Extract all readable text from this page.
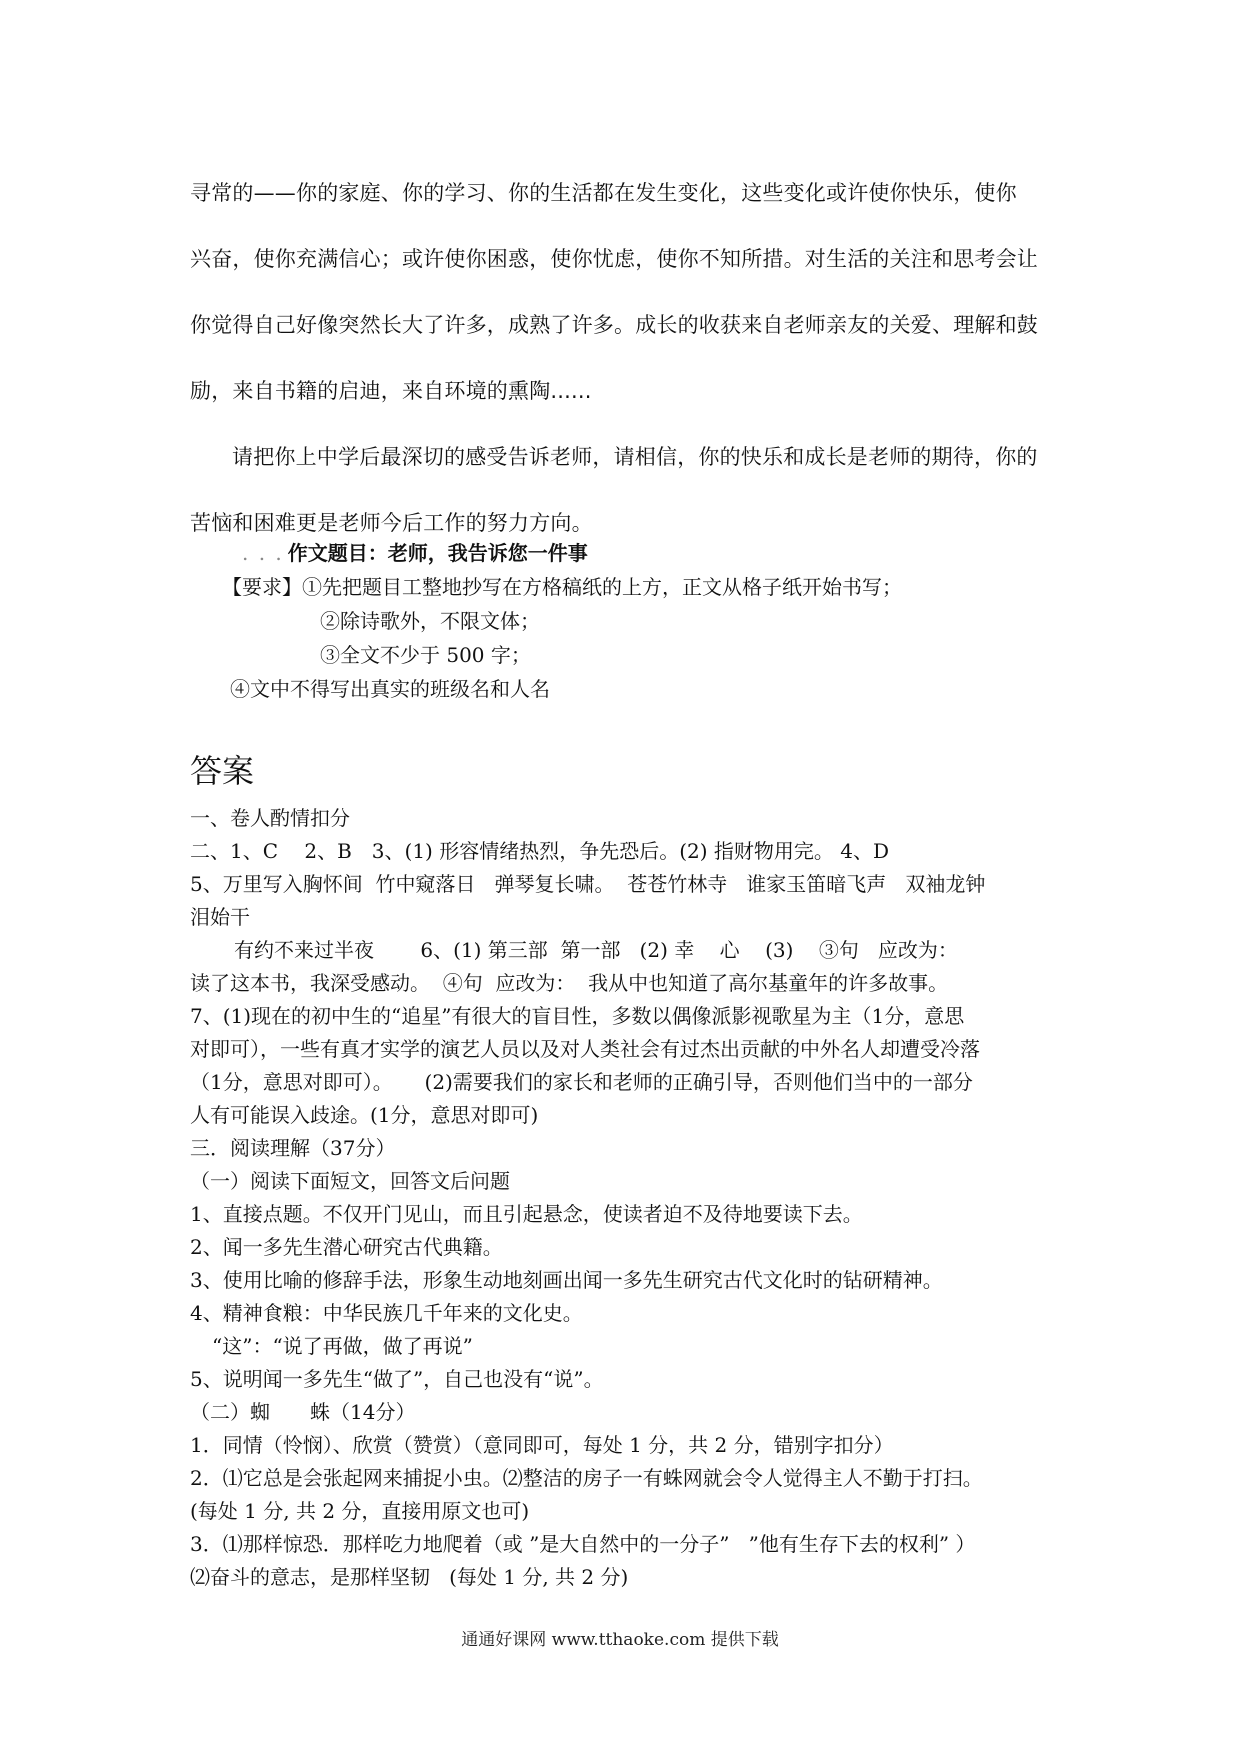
寻常的——你的家庭、你的学习、你的生活都在发生变化，这些变化或许使你快乐，使你

兴奋，使你充满信心；或许使你困惑，使你忧虑，使你不知所措。对生活的关注和思考会让

你觉得自己好像突然长大了许多，成熟了许多。成长的收获来自老师亲友的关爱、理解和鼓

励，来自书籍的启迪，来自环境的熏陶......

请把你上中学后最深切的感受告诉老师，请相信，你的快乐和成长是老师的期待，你的

苦恼和困难更是老师今后工作的努力方向。

. . . 作文题目：老师，我告诉您一件事
【要求】①先把题目工整地抄写在方格稿纸的上方，正文从格子纸开始书写；
②除诗歌外，不限文体；
③全文不少于 500 字；
④文中不得写出真实的班级名和人名
答案
一、卷人酌情扣分
二、1、C　 2、B　3、(1) 形容情绪热烈，争先恐后。(2) 指财物用完。 4、D
5、万里写入胸怀间  竹中窥落日   弹琴复长啸。  苍苍竹林寺   谁家玉笛暗飞声   双袖龙钟
泪始干
有约不来过半夜　　 6、(1) 第三部  第一部   (2) 幸    心    (3)    ③句   应改为：
读了这本书，我深受感动。  ④句  应改为：  我从中也知道了高尔基童年的许多故事。
7、(1)现在的初中生的“追星”有很大的盲目性，多数以偶像派影视歌星为主（1分，意思
对即可），一些有真才实学的演艺人员以及对人类社会有过杰出贡献的中外名人却遭受冷落
（1分，意思对即可）。     (2)需要我们的家长和老师的正确引导，否则他们当中的一部分
人有可能误入歧途。(1分，意思对即可)
三．阅读理解（37分）
（一）阅读下面短文，回答文后问题
1、直接点题。不仅开门见山，而且引起悬念，使读者迫不及待地要读下去。
2、闻一多先生潜心研究古代典籍。
3、使用比喻的修辞手法，形象生动地刻画出闻一多先生研究古代文化时的钻研精神。
4、精神食粮：中华民族几千年来的文化史。
“这”：“说了再做，做了再说”
5、说明闻一多先生“做了”，自己也没有“说”。
（二）蜘　　蛛（14分）
1．同情（怜悯）、欣赏（赞赏）（意同即可，每处 1 分，共 2 分，错别字扣分）
2．⑴它总是会张起网来捕捉小虫。⑵整洁的房子一有蛛网就会令人觉得主人不勤于打扫。
(每处 1 分, 共 2 分，直接用原文也可)
3．⑴那样惊恐．那样吃力地爬着（或 ”是大自然中的一分子”   ”他有生存下去的权利” ）
⑵奋斗的意志，是那样坚韧   (每处 1 分, 共 2 分)
通通好课网 www.tthaoke.com 提供下载
